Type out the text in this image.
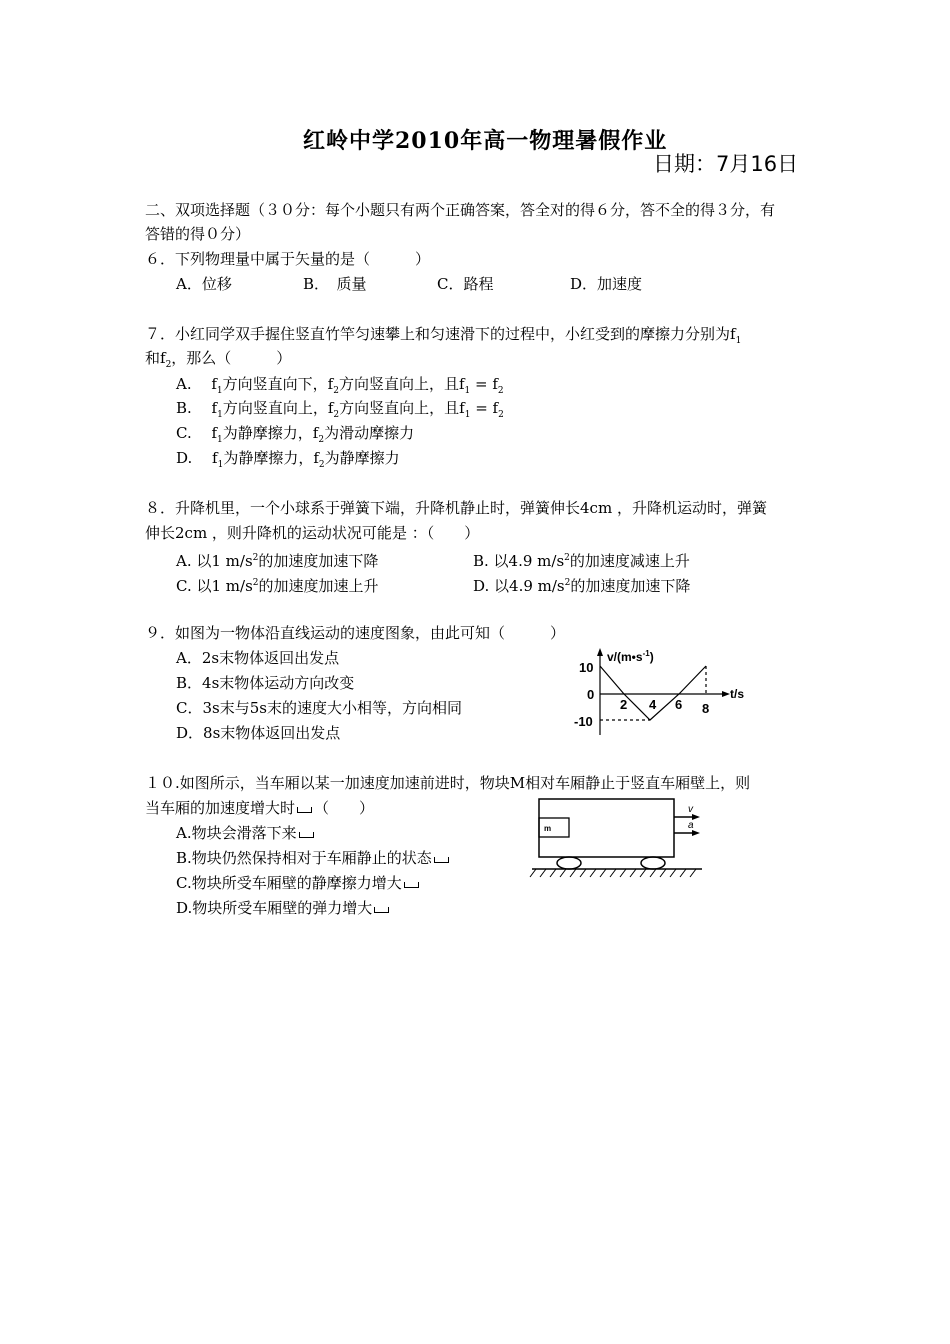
红岭中学2010年高一物理暑假作业
日期：7月16日
二、双项选择题（３０分：每个小题只有两个正确答案，答全对的得６分，答不全的得３分，有
答错的得０分）
６．下列物理量中属于矢量的是（　　　）
A．位移	B．　质量	C．路程	D．加速度
７．小红同学双手握住竖直竹竿匀速攀上和匀速滑下的过程中，小红受到的摩擦力分别为$f_1$
和$f_2$，那么（　　　）
A.　 $f_1$方向竖直向下，$f_2$方向竖直向上，且$f_1 = f_2$
B.　 $f_1$方向竖直向上，$f_2$方向竖直向上，且$f_1 = f_2$
C.　 $f_1$为静摩擦力，$f_2$为滑动摩擦力
D.　 $f_1$为静摩擦力，$f_2$为静摩擦力
８．升降机里，一个小球系于弹簧下端，升降机静止时，弹簧伸长4cm ，升降机运动时，弹簧
伸长2cm ，则升降机的运动状况可能是 ：（　　）
A. 以1 $m/s^2$的加速度加速下降	B. 以4.9 $m/s^2$的加速度减速上升
C. 以1 $m/s^2$的加速度加速上升	D. 以4.9 $m/s^2$的加速度加速下降
９．如图为一物体沿直线运动的速度图象，由此可知（　　　）
A．2s末物体返回出发点
B．4s末物体运动方向改变
C．3s末与5s末的速度大小相等，方向相同
D．8s末物体返回出发点
$v/(m•s^{-1})$
t/s
10
0
-10
2 4 6 8
１０.如图所示，当车厢以某一加速度加速前进时，物块M相对车厢静止于竖直车厢壁上，则
当车厢的加速度增大时 （　　）
A.物块会滑落下来
B.物块仍然保持相对于车厢静止的状态
C.物块所受车厢壁的静摩擦力增大
D.物块所受车厢壁的弹力增大
m
v
a
